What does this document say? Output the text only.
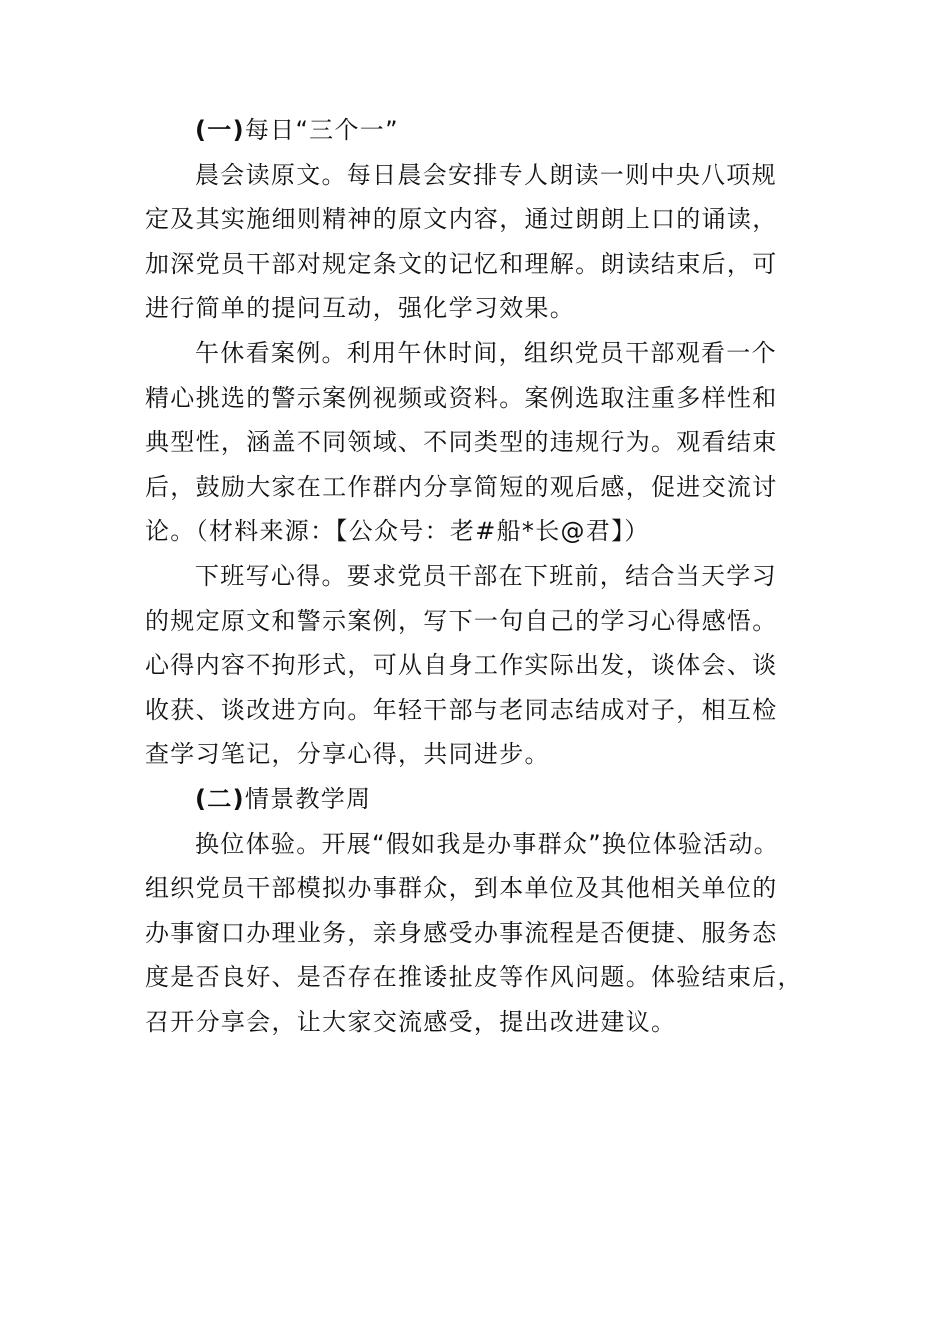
(一)每日“三个一”
晨会读原文。每日晨会安排专人朗读一则中央八项规
定及其实施细则精神的原文内容，通过朗朗上口的诵读，
加深党员干部对规定条文的记忆和理解。朗读结束后，可
进行简单的提问互动，强化学习效果。
午休看案例。利用午休时间，组织党员干部观看一个
精心挑选的警示案例视频或资料。案例选取注重多样性和
典型性，涵盖不同领域、不同类型的违规行为。观看结束
后，鼓励大家在工作群内分享简短的观后感，促进交流讨
论。（材料来源：【公众号：老#船*长@君】）
下班写心得。要求党员干部在下班前，结合当天学习
的规定原文和警示案例，写下一句自己的学习心得感悟。
心得内容不拘形式，可从自身工作实际出发，谈体会、谈
收获、谈改进方向。年轻干部与老同志结成对子，相互检
查学习笔记，分享心得，共同进步。
(二)情景教学周
换位体验。开展“假如我是办事群众”换位体验活动。
组织党员干部模拟办事群众，到本单位及其他相关单位的
办事窗口办理业务，亲身感受办事流程是否便捷、服务态
度是否良好、是否存在推诿扯皮等作风问题。体验结束后，
召开分享会，让大家交流感受，提出改进建议。
